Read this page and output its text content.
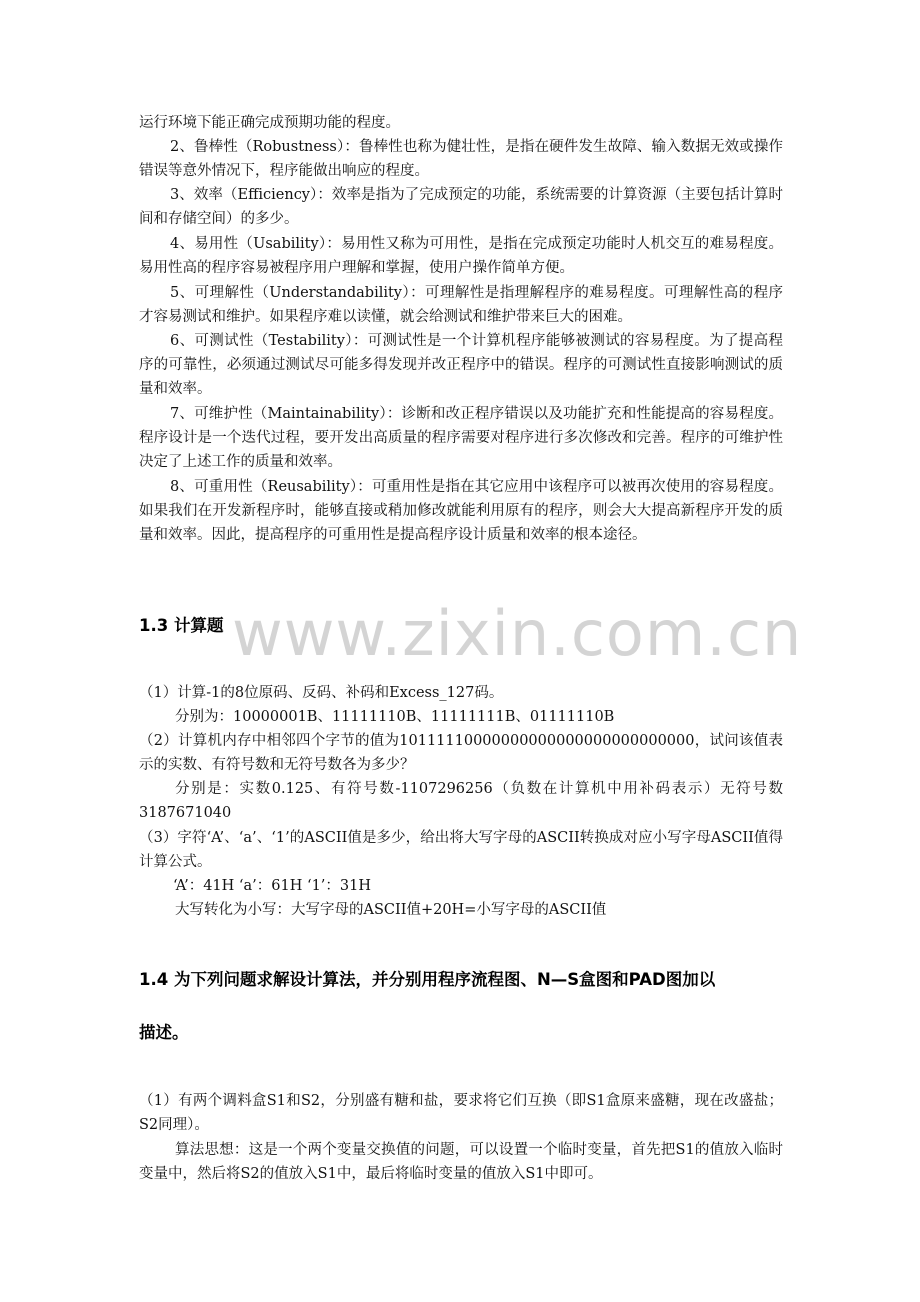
运行环境下能正确完成预期功能的程度。
2、鲁棒性（Robustness）：鲁棒性也称为健壮性，是指在硬件发生故障、输入数据无效或操作错误等意外情况下，程序能做出响应的程度。
3、效率（Efficiency）：效率是指为了完成预定的功能，系统需要的计算资源（主要包括计算时间和存储空间）的多少。
4、易用性（Usability）：易用性又称为可用性，是指在完成预定功能时人机交互的难易程度。易用性高的程序容易被程序用户理解和掌握，使用户操作简单方便。
5、可理解性（Understandability）：可理解性是指理解程序的难易程度。可理解性高的程序才容易测试和维护。如果程序难以读懂，就会给测试和维护带来巨大的困难。
6、可测试性（Testability）：可测试性是一个计算机程序能够被测试的容易程度。为了提高程序的可靠性，必须通过测试尽可能多得发现并改正程序中的错误。程序的可测试性直接影响测试的质量和效率。
7、可维护性（Maintainability）：诊断和改正程序错误以及功能扩充和性能提高的容易程度。程序设计是一个迭代过程，要开发出高质量的程序需要对程序进行多次修改和完善。程序的可维护性决定了上述工作的质量和效率。
8、可重用性（Reusability）：可重用性是指在其它应用中该程序可以被再次使用的容易程度。如果我们在开发新程序时，能够直接或稍加修改就能利用原有的程序，则会大大提高新程序开发的质量和效率。因此，提高程序的可重用性是提高程序设计质量和效率的根本途径。
www.zixin.com.cn
1.3 计算题
（1）计算-1的8位原码、反码、补码和Excess_127码。
分别为：10000001B、11111110B、11111111B、01111110B
（2）计算机内存中相邻四个字节的值为10111110000000000000000000000000，试问该值表示的实数、有符号数和无符号数各为多少？
分别是：实数0.125、有符号数-1107296256（负数在计算机中用补码表示）无符号数3187671040
（3）字符‘A’、‘a’、‘1’的ASCII值是多少，给出将大写字母的ASCII转换成对应小写字母ASCII值得计算公式。
‘A’：41H ‘a’：61H ‘1’：31H
大写转化为小写：大写字母的ASCII值+20H=小写字母的ASCII值
1.4 为下列问题求解设计算法，并分别用程序流程图、N—S盒图和PAD图加以
描述。
（1）有两个调料盒S1和S2，分别盛有糖和盐，要求将它们互换（即S1盒原来盛糖，现在改盛盐；S2同理）。
算法思想：这是一个两个变量交换值的问题，可以设置一个临时变量，首先把S1的值放入临时变量中，然后将S2的值放入S1中，最后将临时变量的值放入S1中即可。
